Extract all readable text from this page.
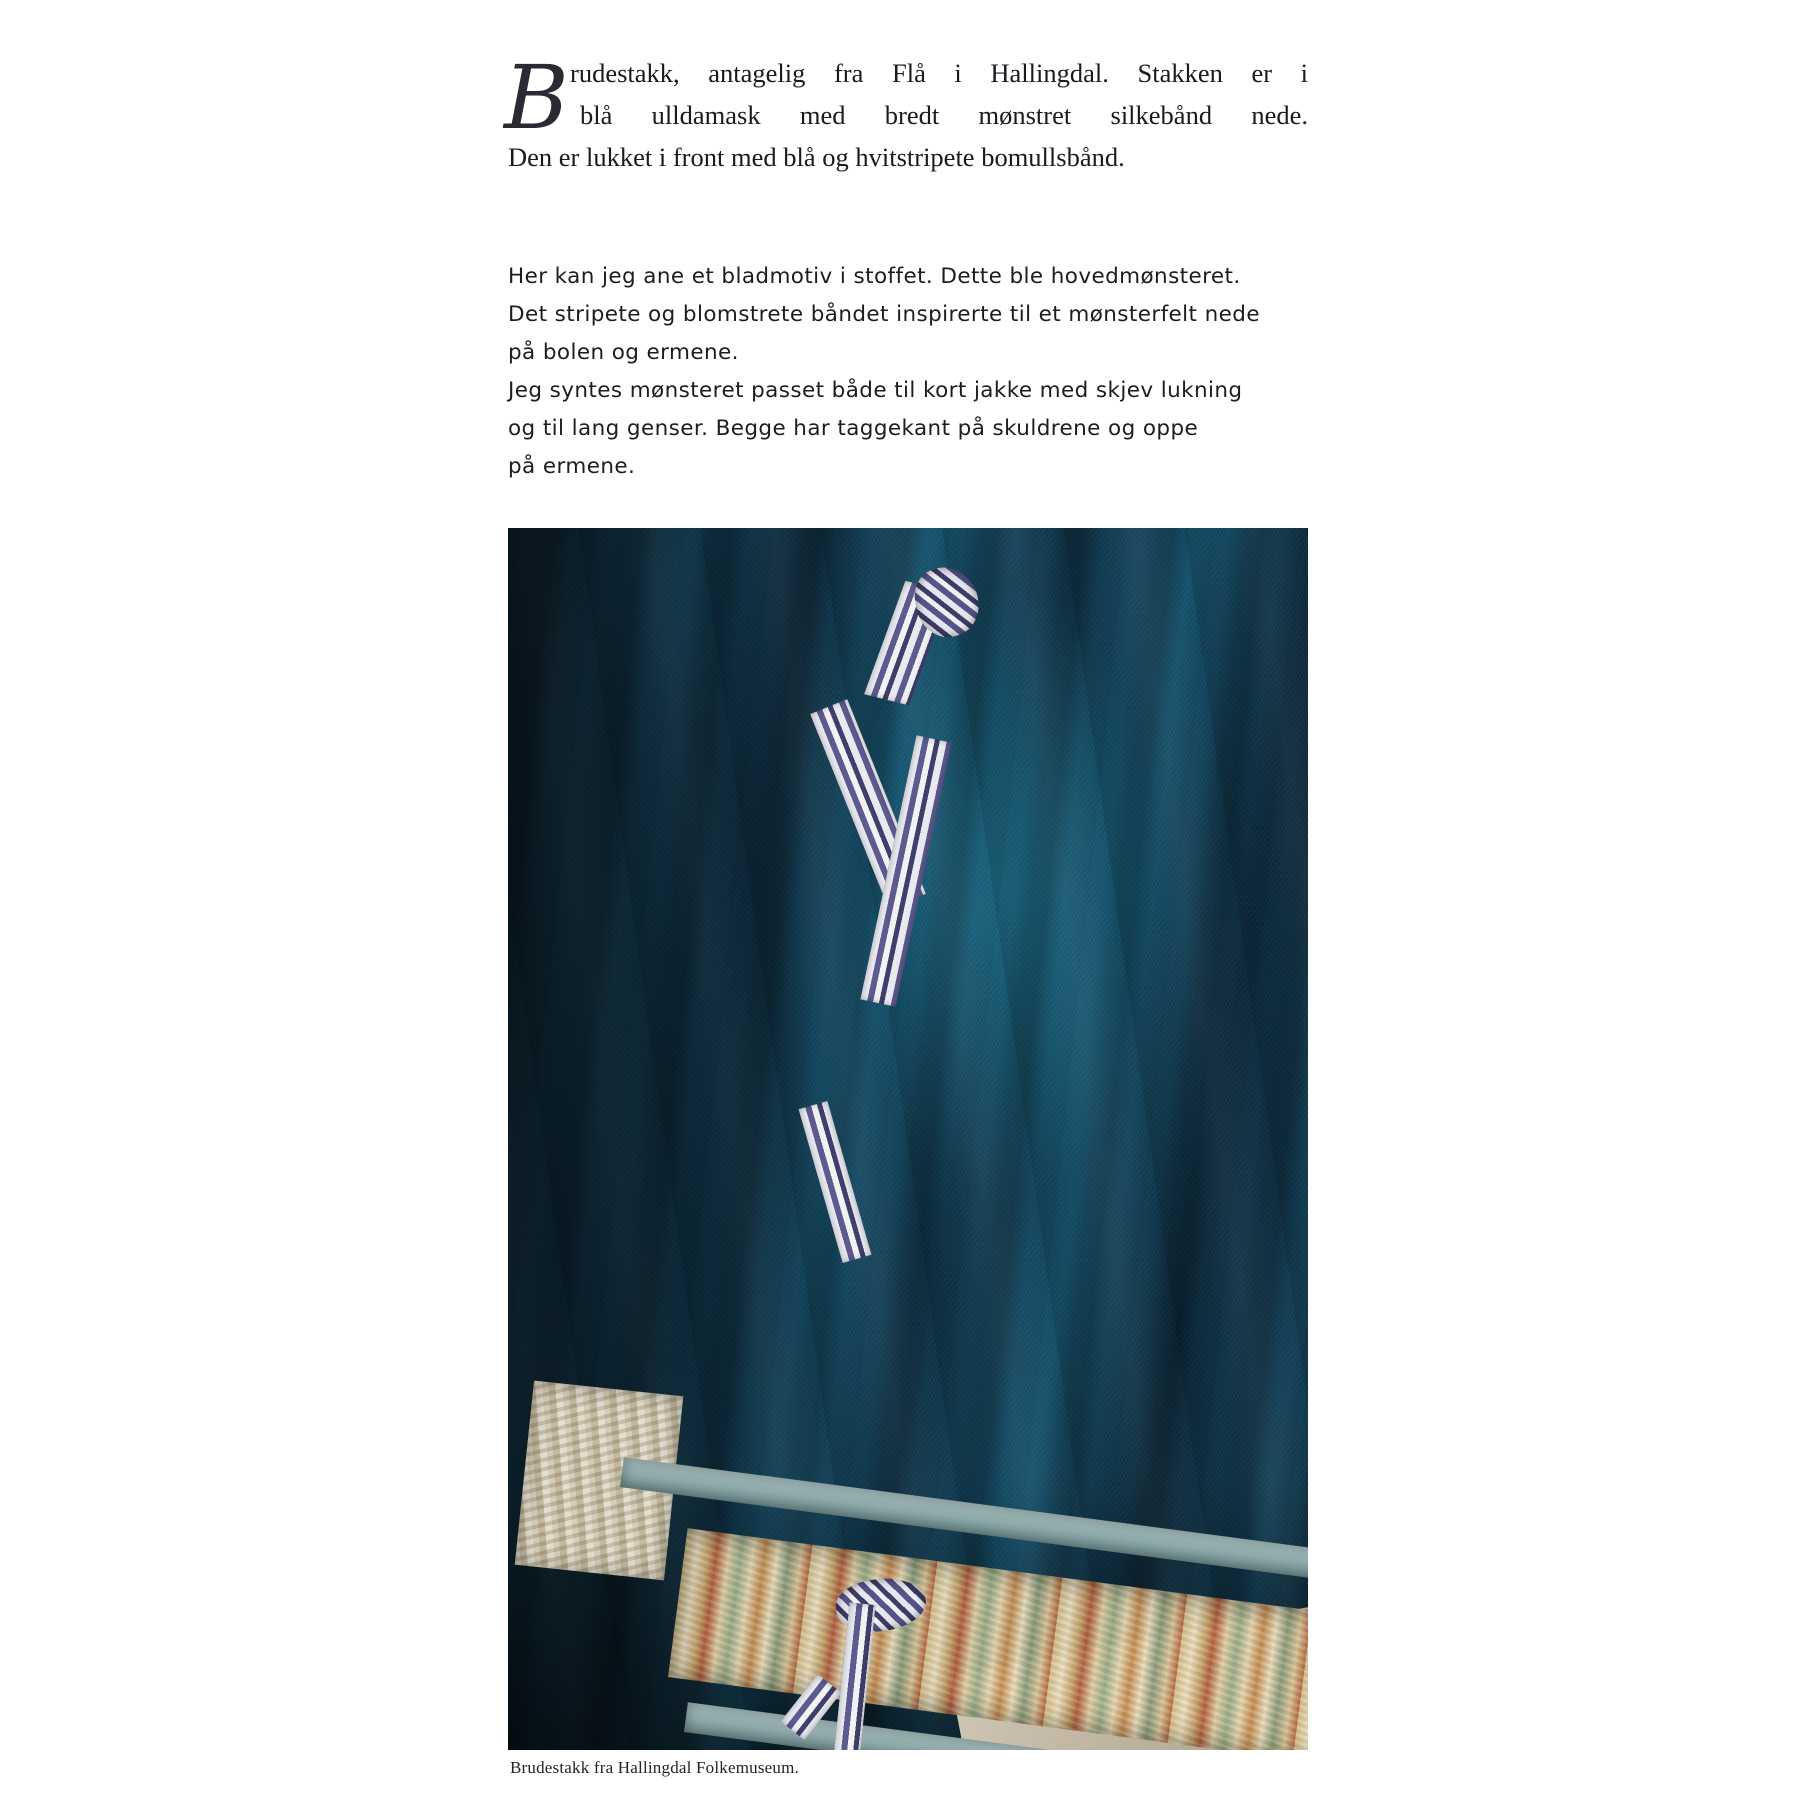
B rudestakk, antagelig fra Flå i Hallingdal. Stakken er i

blå ulldamask med bredt mønstret silkebånd nede.

Den er lukket i front med blå og hvitstripete bomullsbånd.

Her kan jeg ane et bladmotiv i stoffet. Dette ble hovedmønsteret.

Det stripete og blomstrete båndet inspirerte til et mønsterfelt nede

på bolen og ermene.

Jeg syntes mønsteret passet både til kort jakke med skjev lukning

og til lang genser. Begge har taggekant på skuldrene og oppe

på ermene.

Brudestakk fra Hallingdal Folkemuseum.
